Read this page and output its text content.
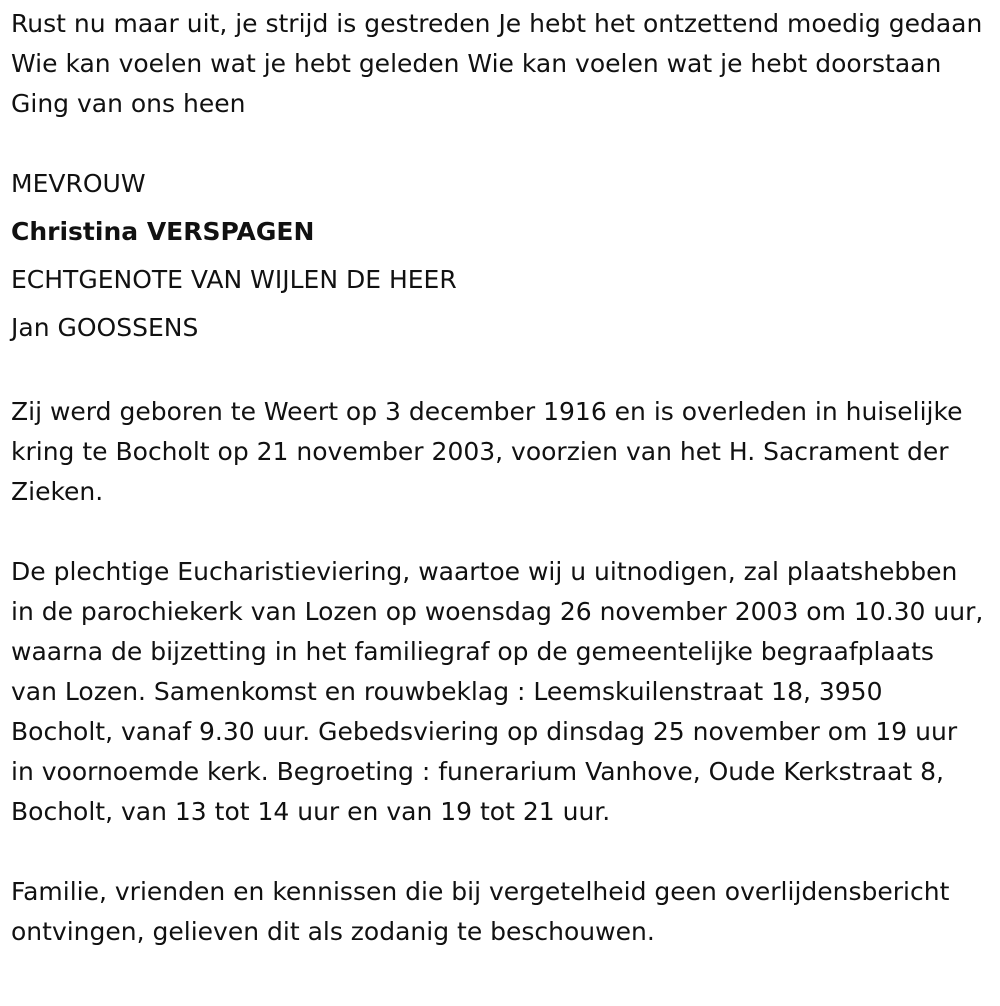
Rust nu maar uit, je strijd is gestreden Je hebt het ontzettend moedig gedaan Wie kan voelen wat je hebt geleden Wie kan voelen wat je hebt doorstaan Ging van ons heen

MEVROUW
Christina VERSPAGEN
ECHTGENOTE VAN WIJLEN DE HEER
Jan GOOSSENS

Zij werd geboren te Weert op 3 december 1916 en is overleden in huiselijke kring te Bocholt op 21 november 2003, voorzien van het H. Sacrament der Zieken.

De plechtige Eucharistieviering, waartoe wij u uitnodigen, zal plaatshebben in de parochiekerk van Lozen op woensdag 26 november 2003 om 10.30 uur, waarna de bijzetting in het familiegraf op de gemeentelijke begraafplaats van Lozen. Samenkomst en rouwbeklag : Leemskuilenstraat 18, 3950 Bocholt, vanaf 9.30 uur. Gebedsviering op dinsdag 25 november om 19 uur in voornoemde kerk. Begroeting : funerarium Vanhove, Oude Kerkstraat 8, Bocholt, van 13 tot 14 uur en van 19 tot 21 uur.

Familie, vrienden en kennissen die bij vergetelheid geen overlijdensbericht ontvingen, gelieven dit als zodanig te beschouwen.
